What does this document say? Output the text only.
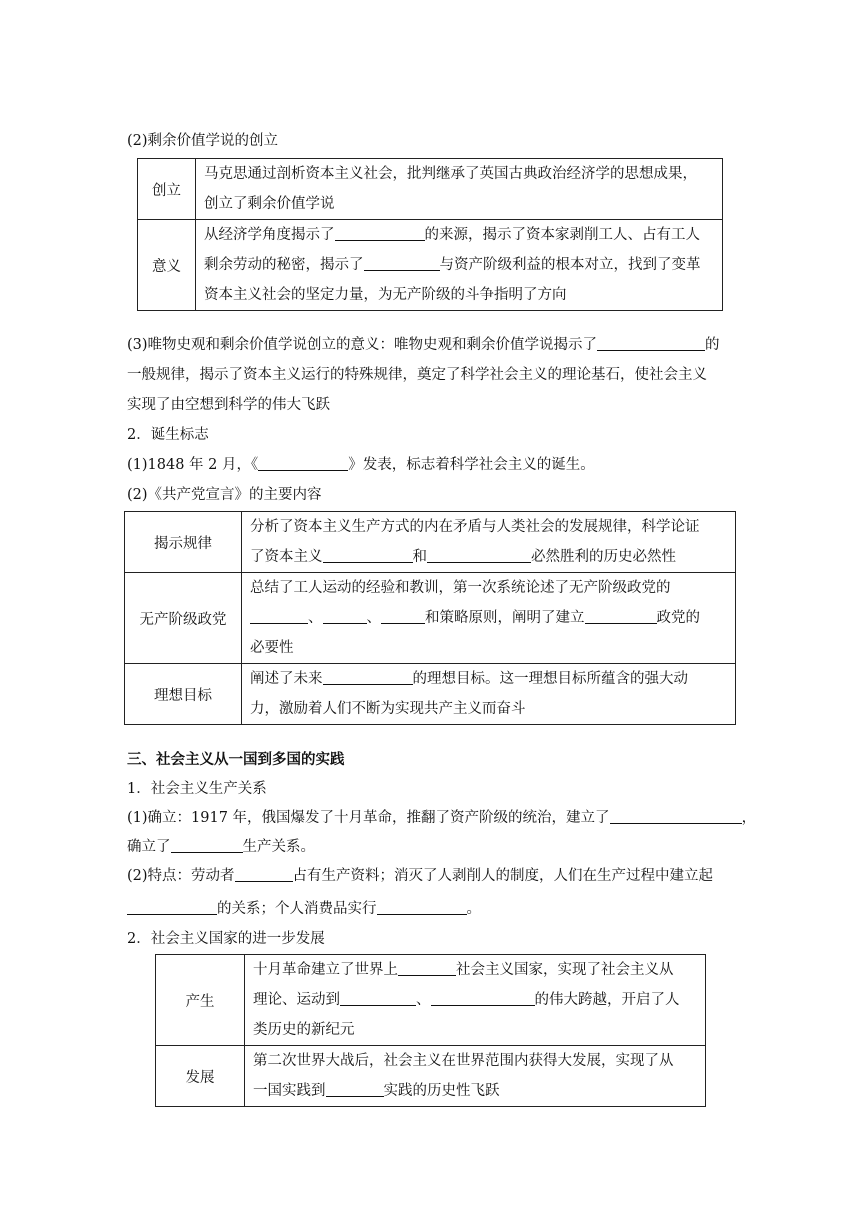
(2)剩余价值学说的创立
创立	马克思通过剖析资本主义社会，批判继承了英国古典政治经济学的思想成果，
创立了剩余价值学说

意义	从经济学角度揭示了 的来源，揭示了资本家剥削工人、占有工人
剩余劳动的秘密，揭示了 与资产阶级利益的根本对立，找到了变革
资本主义社会的坚定力量，为无产阶级的斗争指明了方向
(3)唯物史观和剩余价值学说创立的意义：唯物史观和剩余价值学说揭示了	的
一般规律，揭示了资本主义运行的特殊规律，奠定了科学社会主义的理论基石，使社会主义
实现了由空想到科学的伟大飞跃
2．诞生标志
(1)1848 年 2 月，《	》发表，标志着科学社会主义的诞生。
(2)《共产党宣言》的主要内容
揭示规律	分析了资本主义生产方式的内在矛盾与人类社会的发展规律，科学论证
了资本主义 和 必然胜利的历史必然性

无产阶级政党	总结了工人运动的经验和教训，第一次系统论述了无产阶级政党的
、 、 和策略原则，阐明了建立 政党的
必要性

理想目标	阐述了未来 的理想目标。这一理想目标所蕴含的强大动
力，激励着人们不断为实现共产主义而奋斗
三、社会主义从一国到多国的实践
1．社会主义生产关系
(1)确立：1917 年，俄国爆发了十月革命，推翻了资产阶级的统治，建立了	，
确立了	生产关系。
(2)特点：劳动者	占有生产资料；消灭了人剥削人的制度，人们在生产过程中建立起
的关系；个人消费品实行	。
2．社会主义国家的进一步发展
产生	十月革命建立了世界上 社会主义国家，实现了社会主义从
理论、运动到 、 的伟大跨越，开启了人
类历史的新纪元

发展	第二次世界大战后，社会主义在世界范围内获得大发展，实现了从
一国实践到 实践的历史性飞跃
